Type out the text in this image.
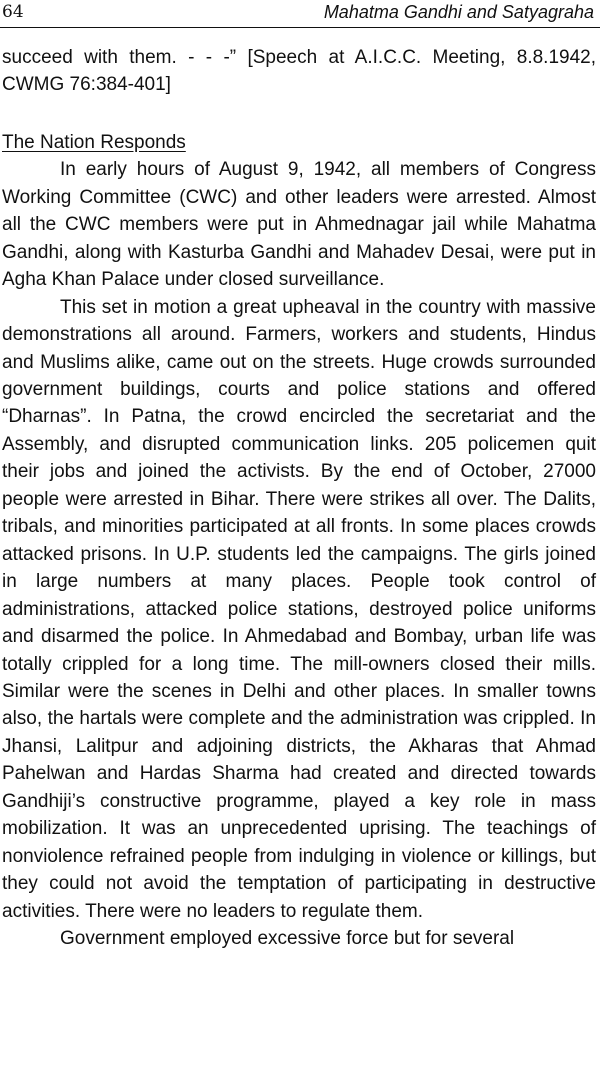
64	Mahatma Gandhi and Satyagraha

succeed with them. - - -” [Speech at A.I.C.C. Meeting, 8.8.1942, CWMG 76:384-401]

The Nation Responds

In early hours of August 9, 1942, all members of Congress Working Committee (CWC) and other leaders were arrested. Almost all the CWC members were put in Ahmednagar jail while Mahatma Gandhi, along with Kasturba Gandhi and Mahadev Desai, were put in Agha Khan Palace under closed surveillance.

This set in motion a great upheaval in the country with massive demonstrations all around. Farmers, workers and students, Hindus and Muslims alike, came out on the streets. Huge crowds surrounded government buildings, courts and police stations and offered “Dharnas”. In Patna, the crowd encircled the secretariat and the Assembly, and disrupted communication links. 205 policemen quit their jobs and joined the activists. By the end of October, 27000 people were arrested in Bihar. There were strikes all over. The Dalits, tribals, and minorities participated at all fronts. In some places crowds attacked prisons. In U.P. students led the campaigns. The girls joined in large numbers at many places. People took control of administrations, attacked police stations, destroyed police uniforms and disarmed the police. In Ahmedabad and Bombay, urban life was totally crippled for a long time. The mill-owners closed their mills. Similar were the scenes in Delhi and other places. In smaller towns also, the hartals were complete and the administration was crippled. In Jhansi, Lalitpur and adjoining districts, the Akharas that Ahmad Pahelwan and Hardas Sharma had created and directed towards Gandhiji’s constructive programme, played a key role in mass mobilization. It was an unprecedented uprising. The teachings of nonviolence refrained people from indulging in violence or killings, but they could not avoid the temptation of participating in destructive activities. There were no leaders to regulate them.

Government employed excessive force but for several
